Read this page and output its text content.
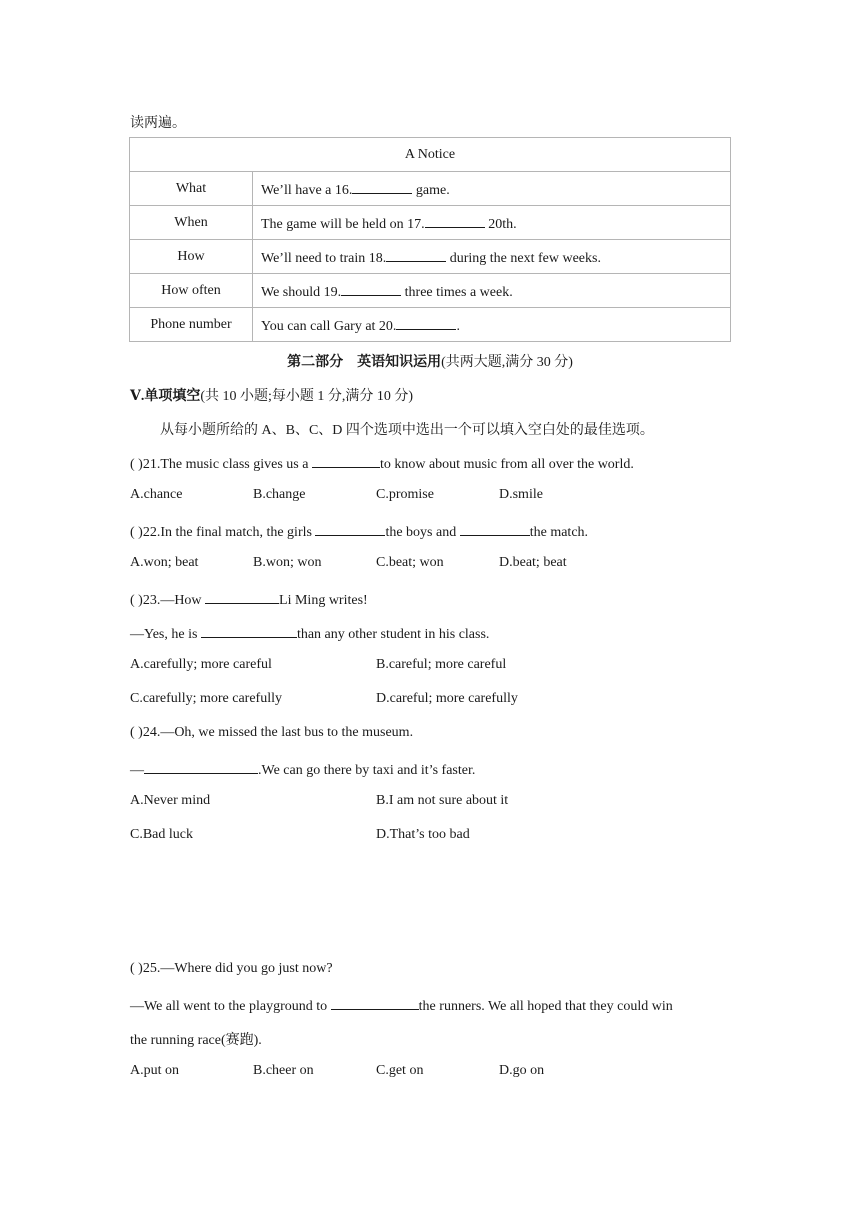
读两遍。
A Notice	
What	We’ll have a 16. game.
When	The game will be held on 17. 20th.
How	We’ll need to train 18. during the next few weeks.
How often	We should 19. three times a week.
Phone number	You can call Gary at 20. .
第二部分　英语知识运用(共两大题,满分 30 分)
Ⅴ.单项填空(共 10 小题;每小题 1 分,满分 10 分)
从每小题所给的 A、B、C、D 四个选项中选出一个可以填入空白处的最佳选项。
( )21.The music class gives us a	to know about music from all over the world.
A.chance	B.change	C.promise	D.smile
( )22.In the final match, the girls	the boys and	the match.
A.won; beat	B.won; won	C.beat; won	D.beat; beat
( )23.—How	Li Ming writes!
—Yes, he is	than any other student in his class.
A.carefully; more careful	B.careful; more careful
C.carefully; more carefully	D.careful; more carefully
( )24.—Oh, we missed the last bus to the museum.
—	.We can go there by taxi and it’s faster.
A.Never mind	B.I am not sure about it
C.Bad luck	D.That’s too bad
( )25.—Where did you go just now?
—We all went to the playground to	the runners. We all hoped that they could win
the running race(赛跑).
A.put on	B.cheer on	C.get on	D.go on
